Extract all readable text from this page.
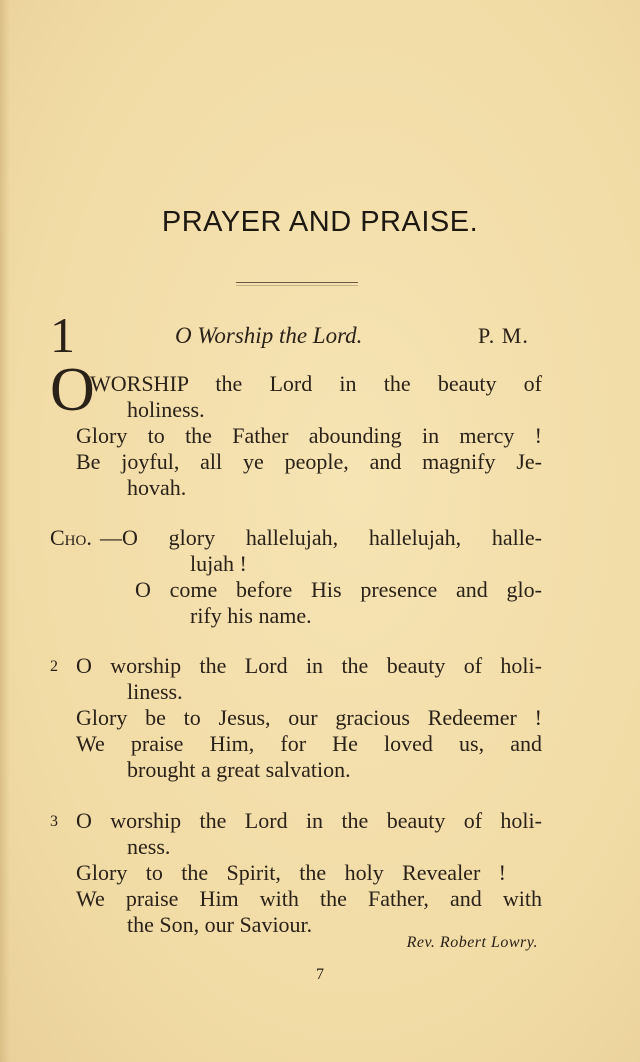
PRAYER AND PRAISE.
1	O Worship the Lord.	P. M.
O
WORSHIP the Lord in the beauty of
holiness.
Glory to the Father abounding in mercy !
Be joyful, all ye people, and magnify Je-
hovah.
Cho. —O glory hallelujah, hallelujah, halle-
lujah !
O come before His presence and glo-
rify his name.
2 O worship the Lord in the beauty of holi-
liness.
Glory be to Jesus, our gracious Redeemer !
We praise Him, for He loved us, and
brought a great salvation.
3 O worship the Lord in the beauty of holi-
ness.
Glory to the Spirit, the holy Revealer !
We praise Him with the Father, and with
the Son, our Saviour.
Rev. Robert Lowry.
7
